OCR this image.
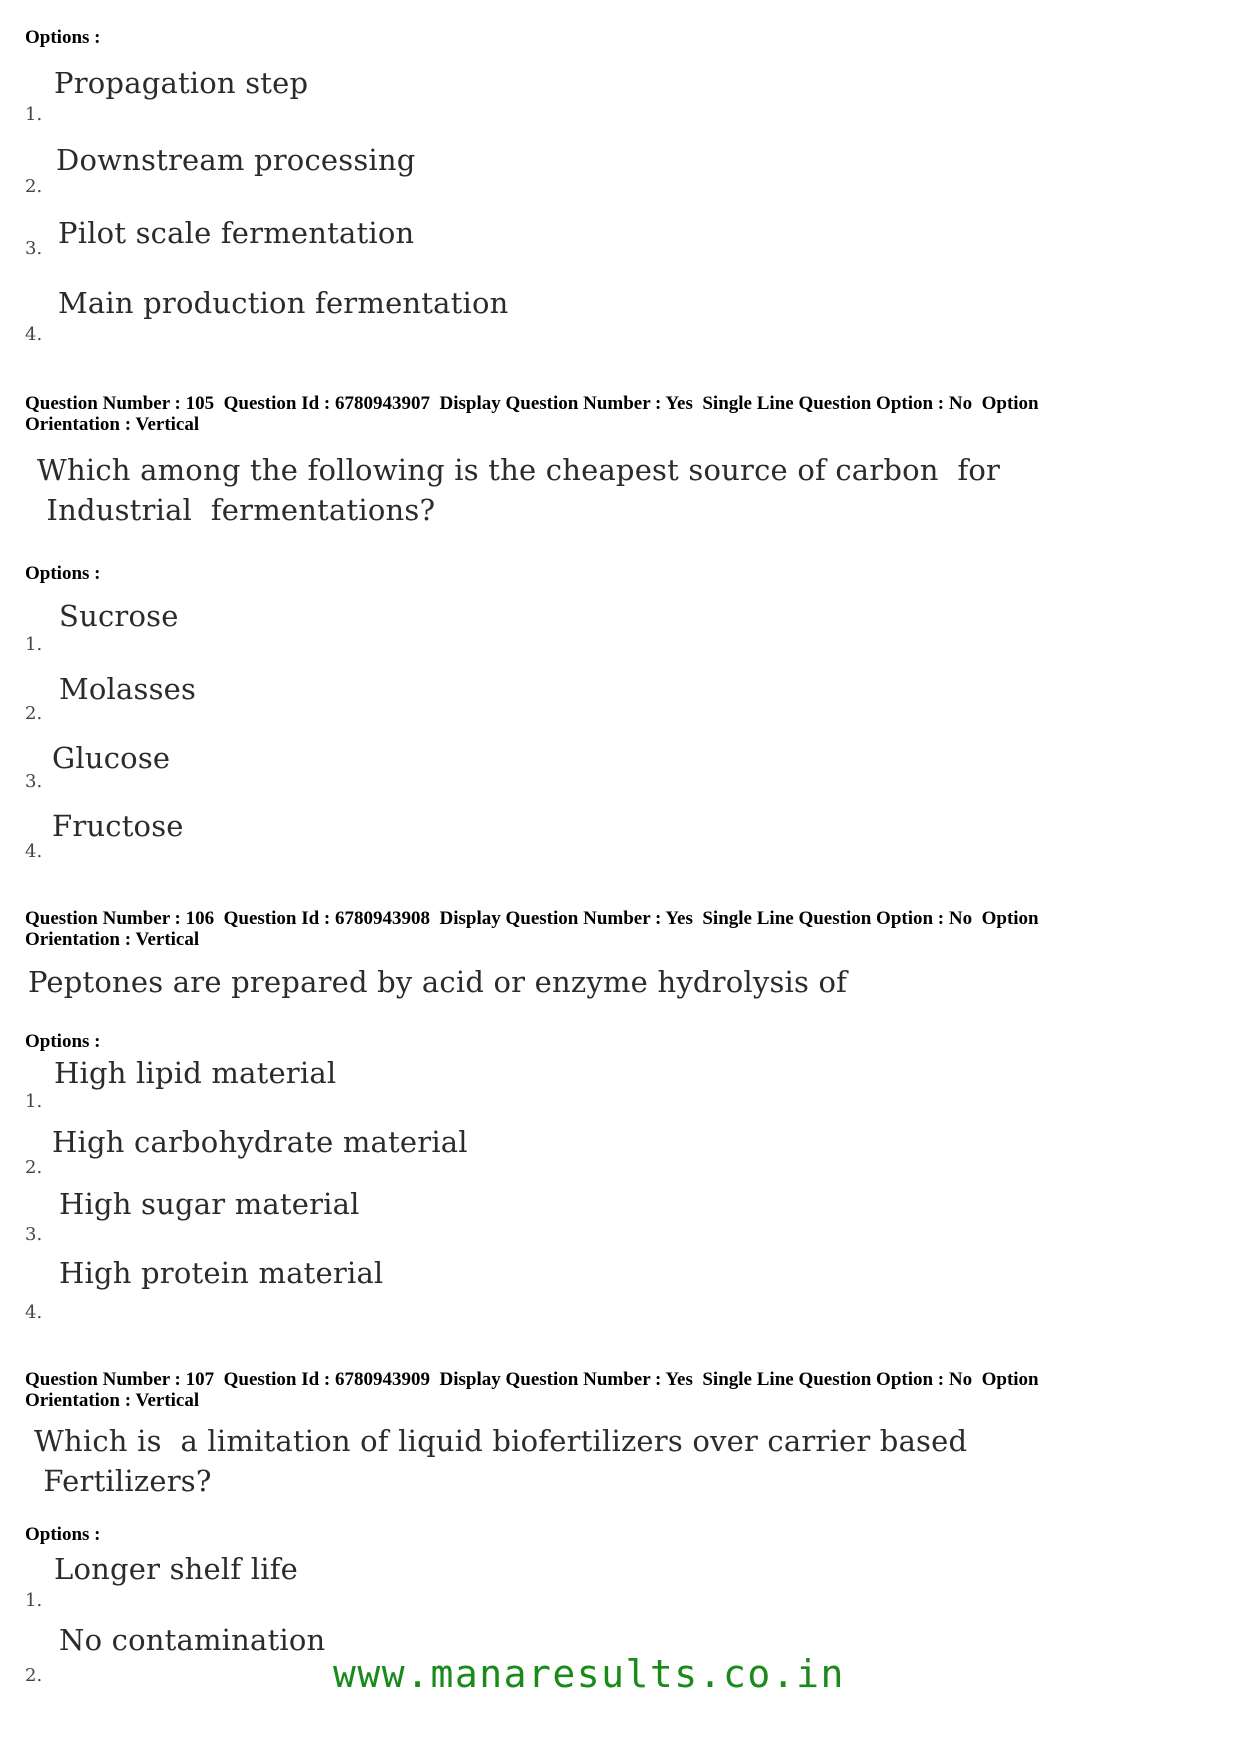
Options :
Propagation step
1.
Downstream processing
2.
Pilot scale fermentation
3.
Main production fermentation
4.
Question Number : 105  Question Id : 6780943907  Display Question Number : Yes  Single Line Question Option : No  Option
Orientation : Vertical
Which among the following is the cheapest source of carbon  for
Industrial  fermentations?
Options :
Sucrose
1.
Molasses
2.
Glucose
3.
Fructose
4.
Question Number : 106  Question Id : 6780943908  Display Question Number : Yes  Single Line Question Option : No  Option
Orientation : Vertical
Peptones are prepared by acid or enzyme hydrolysis of
Options :
High lipid material
1.
High carbohydrate material
2.
High sugar material
3.
High protein material
4.
Question Number : 107  Question Id : 6780943909  Display Question Number : Yes  Single Line Question Option : No  Option
Orientation : Vertical
Which is  a limitation of liquid biofertilizers over carrier based
Fertilizers?
Options :
Longer shelf life
1.
No contamination
2.	www.manaresults.co.in
